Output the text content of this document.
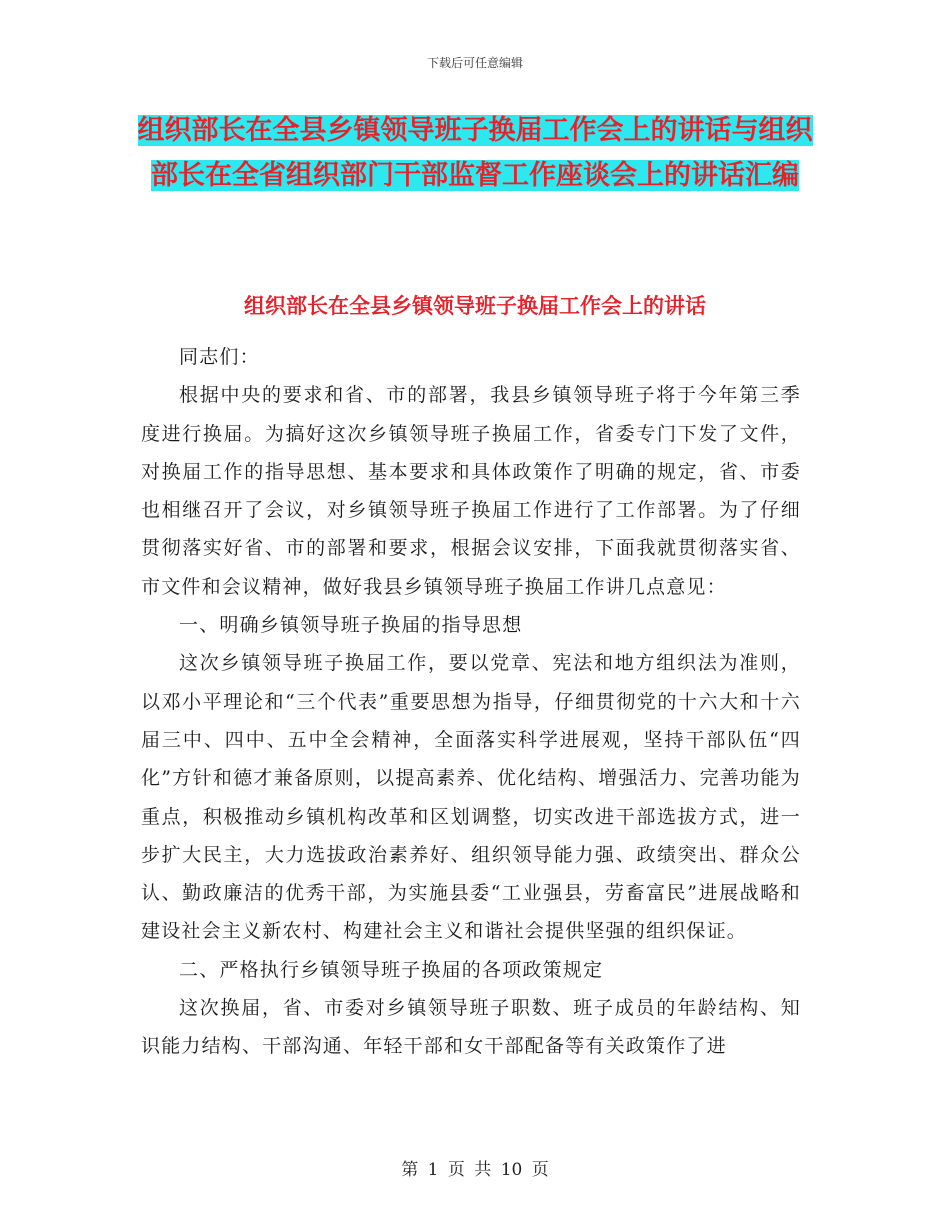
下载后可任意编辑
组织部长在全县乡镇领导班子换届工作会上的讲话与组织部长在全省组织部门干部监督工作座谈会上的讲话汇编
组织部长在全县乡镇领导班子换届工作会上的讲话

同志们：

根据中央的要求和省、市的部署，我县乡镇领导班子将于今年第三季度进行换届。为搞好这次乡镇领导班子换届工作，省委专门下发了文件，对换届工作的指导思想、基本要求和具体政策作了明确的规定，省、市委也相继召开了会议，对乡镇领导班子换届工作进行了工作部署。为了仔细贯彻落实好省、市的部署和要求，根据会议安排，下面我就贯彻落实省、市文件和会议精神，做好我县乡镇领导班子换届工作讲几点意见：

一、明确乡镇领导班子换届的指导思想

这次乡镇领导班子换届工作，要以党章、宪法和地方组织法为准则，以邓小平理论和“三个代表”重要思想为指导，仔细贯彻党的十六大和十六届三中、四中、五中全会精神，全面落实科学进展观，坚持干部队伍“四化”方针和德才兼备原则，以提高素养、优化结构、增强活力、完善功能为重点，积极推动乡镇机构改革和区划调整，切实改进干部选拔方式，进一步扩大民主，大力选拔政治素养好、组织领导能力强、政绩突出、群众公认、勤政廉洁的优秀干部，为实施县委“工业强县，劳畜富民”进展战略和建设社会主义新农村、构建社会主义和谐社会提供坚强的组织保证。

二、严格执行乡镇领导班子换届的各项政策规定

这次换届，省、市委对乡镇领导班子职数、班子成员的年龄结构、知识能力结构、干部沟通、年轻干部和女干部配备等有关政策作了进

第 1 页 共 10 页
